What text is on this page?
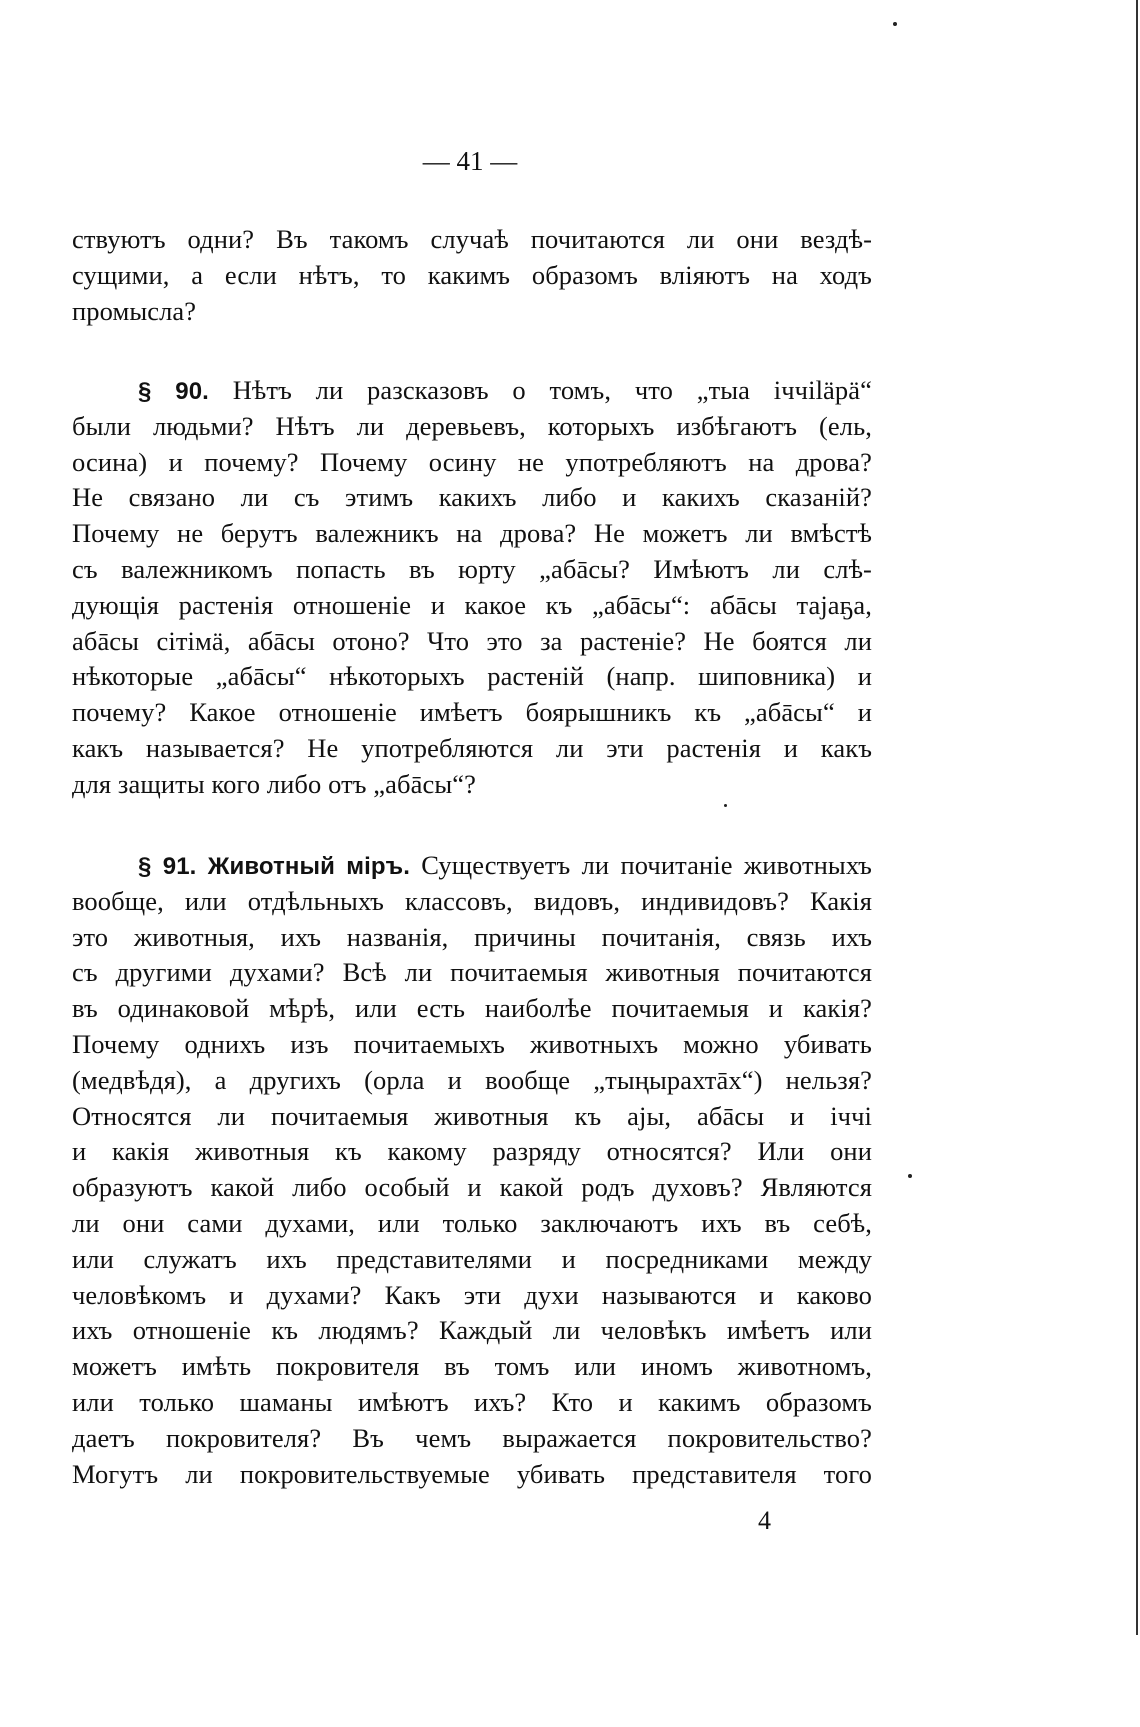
— 41 —
ствуютъ одни? Въ такомъ случаѣ почитаются ли они вездѣ-
сущими, а если нѣтъ, то какимъ образомъ вліяютъ на ходъ
промысла?
§ 90. Нѣтъ ли разсказовъ о томъ, что „тыа іччіläpä“
были людьми? Нѣтъ ли деревьевъ, которыхъ избѣгаютъ (ель,
осина) и почему? Почему осину не употребляютъ на дрова?
Не связано ли съ этимъ какихъ либо и какихъ сказаній?
Почему не берутъ валежникъ на дрова? Не можетъ ли вмѣстѣ
съ валежникомъ попасть въ юрту „абāсы? Имѣютъ ли слѣ-
дующія растенія отношеніе и какое къ „абāсы“: абāсы таjaҕa,
абāсы сітімä, абāсы отоно? Что это за растеніе? Не боятся ли
нѣкоторые „абāсы“ нѣкоторыхъ растеній (напр. шиповника) и
почему? Какое отношеніе имѣетъ боярышникъ къ „абāсы“ и
какъ называется? Не употребляются ли эти растенія и какъ
для защиты кого либо отъ „абāсы“?
§ 91. Животный міръ. Существуетъ ли почитаніе животныхъ
вообще, или отдѣльныхъ классовъ, видовъ, индивидовъ? Какія
это животныя, ихъ названія, причины почитанія, связь ихъ
съ другими духами? Всѣ ли почитаемыя животныя почитаются
въ одинаковой мѣрѣ, или есть наиболѣе почитаемыя и какія?
Почему однихъ изъ почитаемыхъ животныхъ можно убивать
(медвѣдя), а другихъ (орла и вообще „тыңырахтāх“) нельзя?
Относятся ли почитаемыя животныя къ аjы, абāсы и іччі
и какія животныя къ какому разряду относятся? Или они
образуютъ какой либо особый и какой родъ духовъ? Являются
ли они сами духами, или только заключаютъ ихъ въ себѣ,
или служатъ ихъ представителями и посредниками между
человѣкомъ и духами? Какъ эти духи называются и каково
ихъ отношеніе къ людямъ? Каждый ли человѣкъ имѣетъ или
можетъ имѣть покровителя въ томъ или иномъ животномъ,
или только шаманы имѣютъ ихъ? Кто и какимъ образомъ
даетъ покровителя? Въ чемъ выражается покровительство?
Могутъ ли покровительствуемые убивать представителя того
4
